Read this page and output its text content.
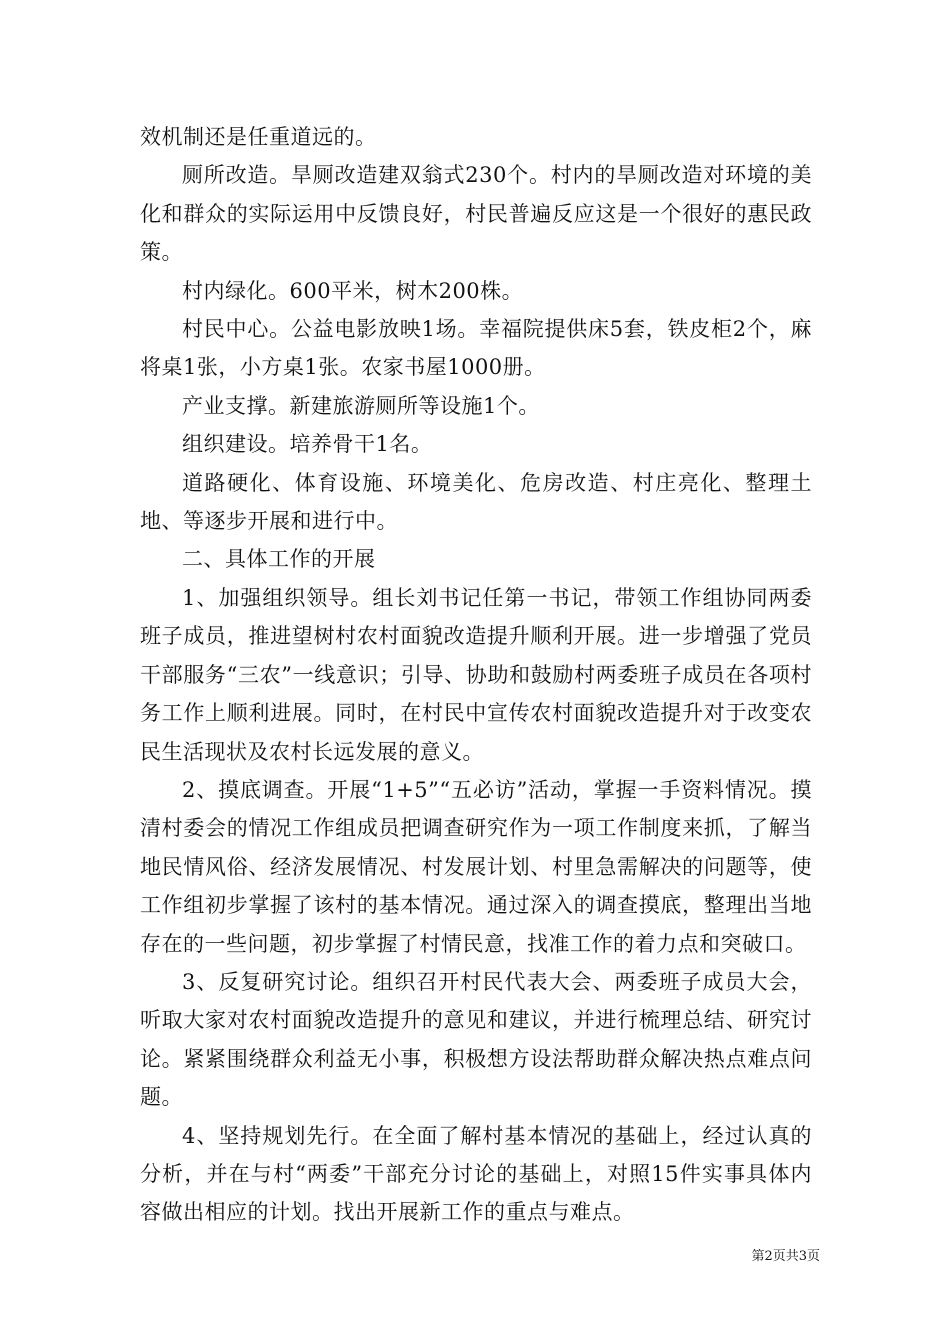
效机制还是任重道远的。

厕所改造。旱厕改造建双翁式230个。村内的旱厕改造对环境的美化和群众的实际运用中反馈良好，村民普遍反应这是一个很好的惠民政策。

村内绿化。600平米，树木200株。

村民中心。公益电影放映1场。幸福院提供床5套，铁皮柜2个，麻将桌1张，小方桌1张。农家书屋1000册。

产业支撑。新建旅游厕所等设施1个。

组织建设。培养骨干1名。

道路硬化、体育设施、环境美化、危房改造、村庄亮化、整理土地、等逐步开展和进行中。

二、具体工作的开展

1、加强组织领导。组长刘书记任第一书记，带领工作组协同两委班子成员，推进望树村农村面貌改造提升顺利开展。进一步增强了党员干部服务“三农”一线意识；引导、协助和鼓励村两委班子成员在各项村务工作上顺利进展。同时，在村民中宣传农村面貌改造提升对于改变农民生活现状及农村长远发展的意义。

2、摸底调查。开展“1+5”“五必访”活动，掌握一手资料情况。摸清村委会的情况工作组成员把调查研究作为一项工作制度来抓，了解当地民情风俗、经济发展情况、村发展计划、村里急需解决的问题等，使工作组初步掌握了该村的基本情况。通过深入的调查摸底，整理出当地存在的一些问题，初步掌握了村情民意，找准工作的着力点和突破口。

3、反复研究讨论。组织召开村民代表大会、两委班子成员大会，听取大家对农村面貌改造提升的意见和建议，并进行梳理总结、研究讨论。紧紧围绕群众利益无小事，积极想方设法帮助群众解决热点难点问题。

4、坚持规划先行。在全面了解村基本情况的基础上，经过认真的分析，并在与村“两委”干部充分讨论的基础上，对照15件实事具体内容做出相应的计划。找出开展新工作的重点与难点。

第2页共3页
